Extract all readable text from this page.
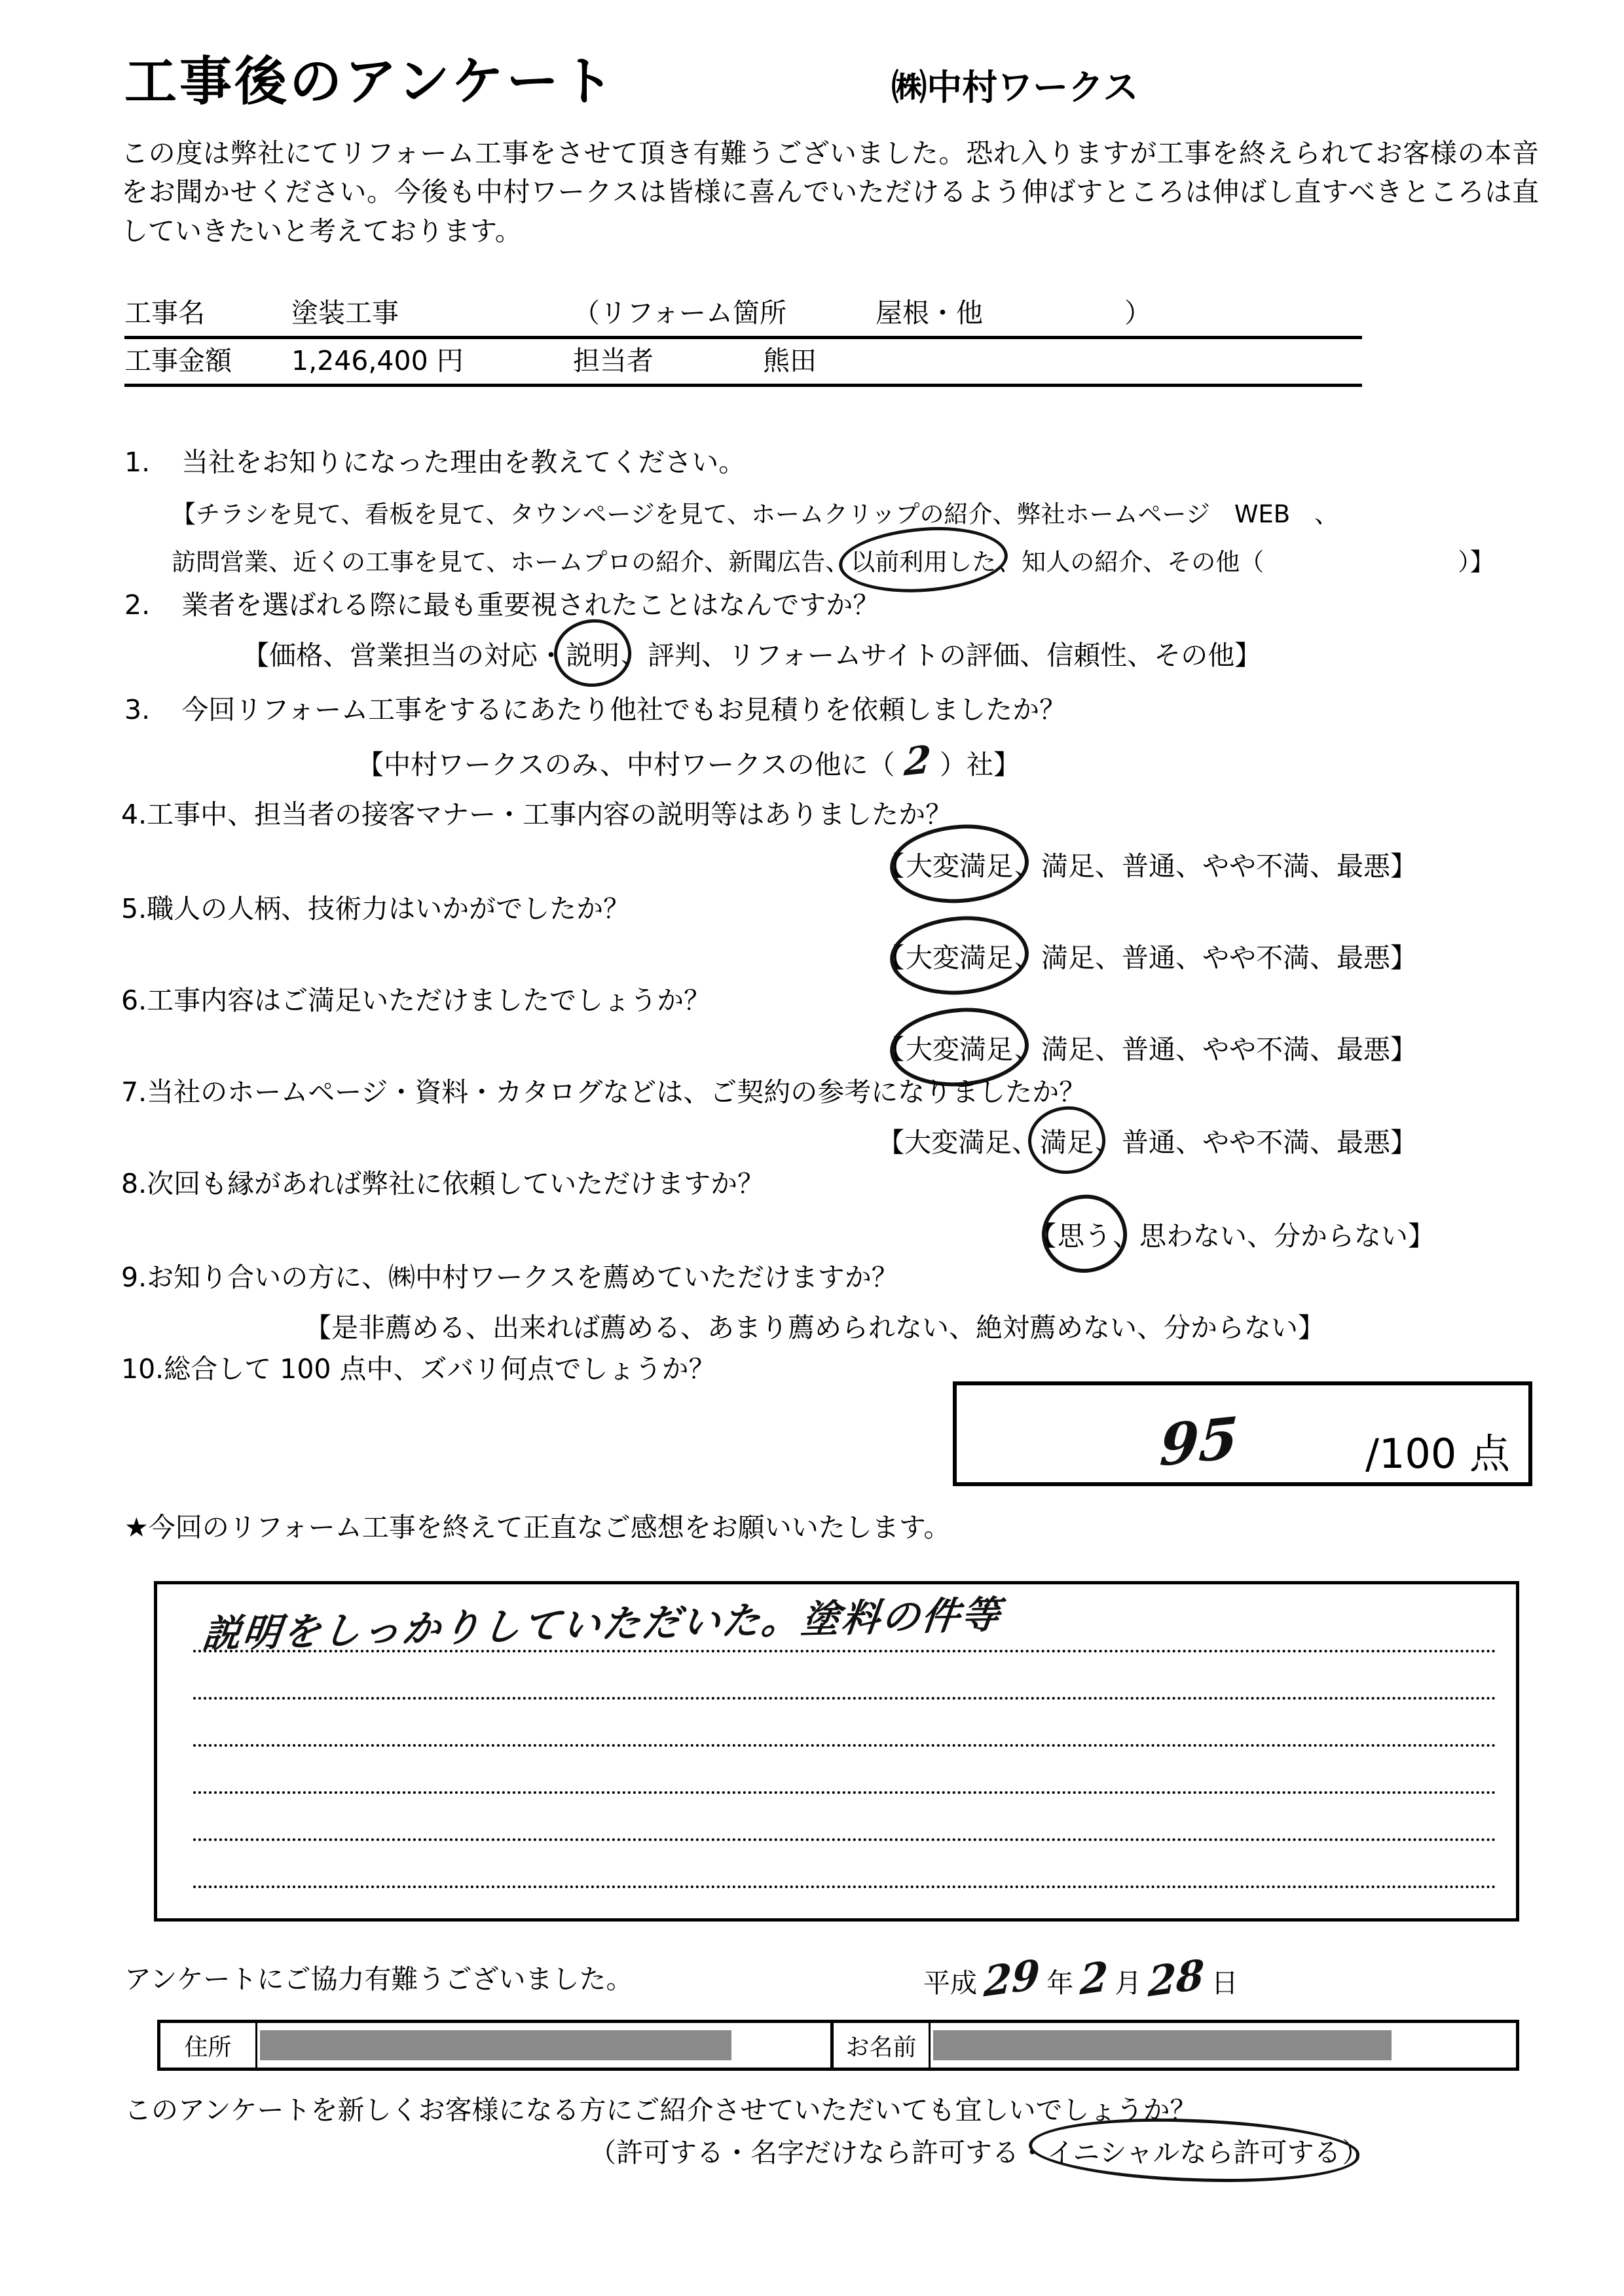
工事後のアンケート	㈱中村ワークス
この度は弊社にてリフォーム工事をさせて頂き有難うございました。恐れ入りますが工事を終えられてお客様の本音をお聞かせください。今後も中村ワークスは皆様に喜んでいただけるよう伸ばすところは伸ばし直すべきところは直していきたいと考えております。
工事名	塗装工事	（リフォーム箇所	屋根・他	）
工事金額	1,246,400 円	担当者	熊田
1. 当社をお知りになった理由を教えてください。
【チラシを見て、看板を見て、タウンページを見て、ホームクリップの紹介、弊社ホームページ　WEB　、
訪問営業、近くの工事を見て、ホームプロの紹介、新聞広告、以前利用した、知人の紹介、その他（　　　　　　　　）】
2. 業者を選ばれる際に最も重要視されたことはなんですか？
【価格、営業担当の対応・説明、評判、リフォームサイトの評価、信頼性、その他】
3. 今回リフォーム工事をするにあたり他社でもお見積りを依頼しましたか？
【中村ワークスのみ、中村ワークスの他に（ 2 ）社】
4.工事中、担当者の接客マナー・工事内容の説明等はありましたか？
【大変満足、満足、普通、やや不満、最悪】
5.職人の人柄、技術力はいかがでしたか？
【大変満足、満足、普通、やや不満、最悪】
6.工事内容はご満足いただけましたでしょうか？
【大変満足、満足、普通、やや不満、最悪】
7.当社のホームページ・資料・カタログなどは、ご契約の参考になりましたか？
【大変満足、満足、普通、やや不満、最悪】
8.次回も縁があれば弊社に依頼していただけますか？
【思う、思わない、分からない】
9.お知り合いの方に、㈱中村ワークスを薦めていただけますか？
【是非薦める、出来れば薦める、あまり薦められない、絶対薦めない、分からない】
10.総合して 100 点中、ズバリ何点でしょうか？
95	/100 点
★今回のリフォーム工事を終えて正直なご感想をお願いいたします。
説明をしっかりしていただいた。塗料の件等
アンケートにご協力有難うございました。	平成 29 年 2 月 28 日
住所	お名前
このアンケートを新しくお客様になる方にご紹介させていただいても宜しいでしょうか？
（許可する・名字だけなら許可する・イニシャルなら許可する）
